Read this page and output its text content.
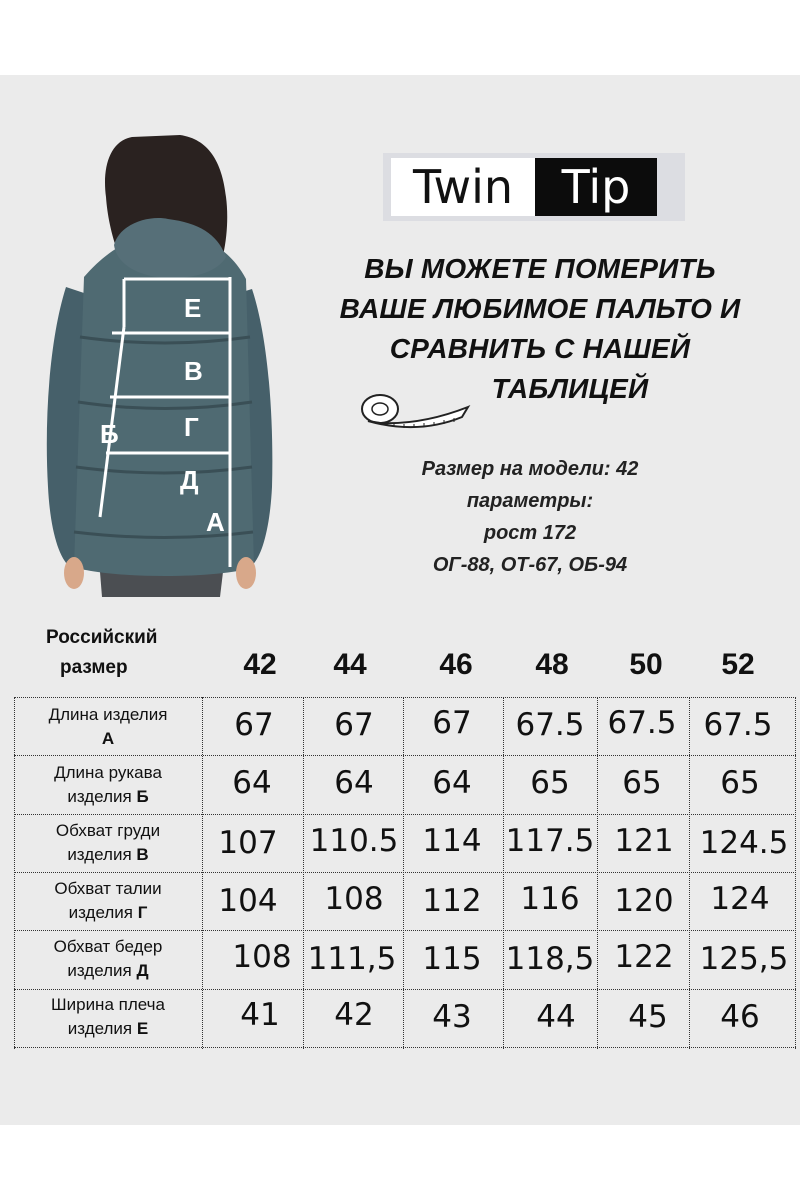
Е
В
Г
Д
Б
А
Twin	Tip
ВЫ МОЖЕТЕ ПОМЕРИТЬ
ВАШЕ ЛЮБИМОЕ ПАЛЬТО И
СРАВНИТЬ С НАШЕЙ
ТАБЛИЦЕЙ
Размер на модели: 42
параметры:
рост 172
ОГ-88, ОТ-67, ОБ-94
Российский
размер	42	44	46	48	50	52
Длина изделия
А	67	67	67	67.5 67.5 67.5
Длина рукава
изделия Б	64	64	64	65	65	65
Обхват груди
изделия В	107	110.5 114 117.5 121 124.5
Обхват талии
изделия Г	104	108	112	116	120	124
Обхват бедер
изделия Д	108 111,5 115 118,5 122 125,5
Ширина плеча
изделия Е	41	42	43	44	45	46
